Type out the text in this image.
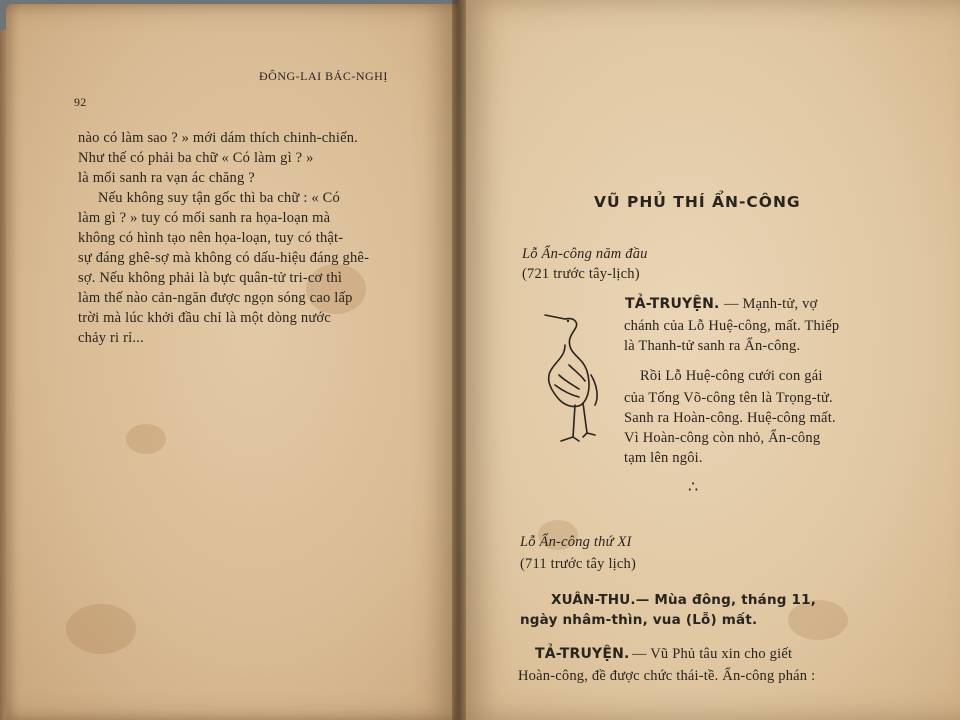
92
ĐÔNG-LAI BÁC-NGHỊ
nào có làm sao ? » mới dám thích chinh-chiến.
Như thế có phải ba chữ « Có làm gì ? »
là mối sanh ra vạn ác chăng ?
Nếu không suy tận gốc thì ba chữ : « Có
làm gì ? » tuy có mối sanh ra họa-loạn mà
không có hình tạo nên họa-loạn, tuy có thật-
sự đáng ghê-sợ mà không có dấu-hiệu đáng ghê-
sợ. Nếu không phải là bực quân-tử tri-cơ thì
làm thế nào cản-ngăn được ngọn sóng cao lấp
trời mà lúc khởi đầu chỉ là một dòng nước
chảy ri rỉ...
VŨ PHỦ THÍ ẨN-CÔNG
Lỗ Ẩn-công năm đầu
(721 trước tây-lịch)
TẢ-TRUYỆN. — Mạnh-tử, vợ
chánh của Lỗ Huệ-công, mất. Thiếp
là Thanh-tử sanh ra Ẩn-công.
Rồi Lỗ Huệ-công cưới con gái
của Tống Võ-công tên là Trọng-tử.
Sanh ra Hoàn-công. Huệ-công mất.
Vì Hoàn-công còn nhỏ, Ẩn-công
tạm lên ngôi.
∴
Lỗ Ẩn-công thứ XI
(711 trước tây lịch)
XUÂN-THU.— Mùa đông, tháng 11,
ngày nhâm-thìn, vua (Lỗ) mất.
TẢ-TRUYỆN. — Vũ Phủ tâu xin cho giết
Hoàn-công, đề được chức thái-tề. Ẩn-công phán :
